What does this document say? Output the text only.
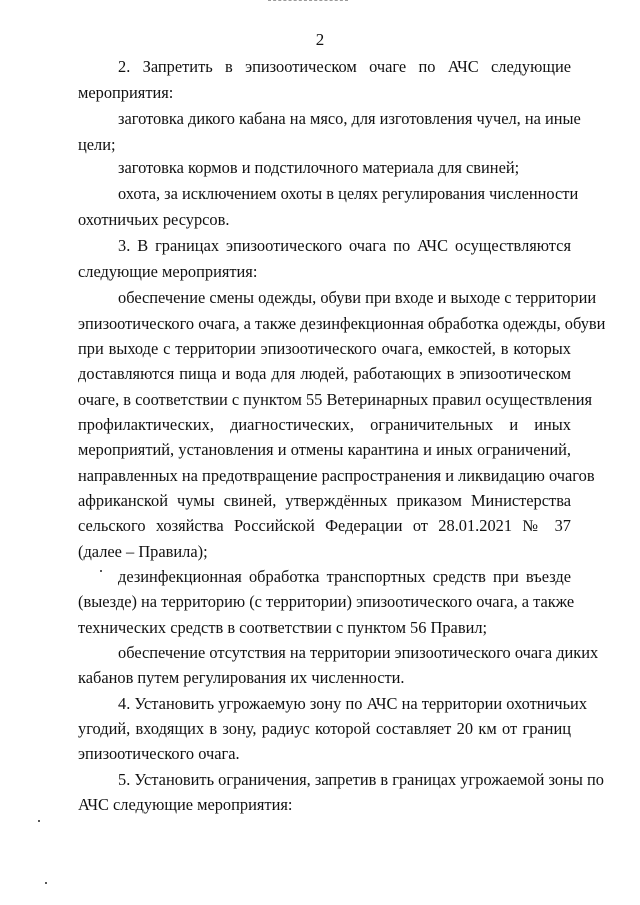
2
2. Запретить в эпизоотическом очаге по АЧС следующие
мероприятия:
заготовка дикого кабана на мясо, для изготовления чучел, на иные
цели;
заготовка кормов и подстилочного материала для свиней;
охота, за исключением охоты в целях регулирования численности
охотничьих ресурсов.
3. В границах эпизоотического очага по АЧС осуществляются
следующие мероприятия:
обеспечение смены одежды, обуви при входе и выходе с территории
эпизоотического очага, а также дезинфекционная обработка одежды, обуви
при выходе с территории эпизоотического очага, емкостей, в которых
доставляются пища и вода для людей, работающих в эпизоотическом
очаге, в соответствии с пунктом 55 Ветеринарных правил осуществления
профилактических, диагностических, ограничительных и иных
мероприятий, установления и отмены карантина и иных ограничений,
направленных на предотвращение распространения и ликвидацию очагов
африканской чумы свиней, утверждённых приказом Министерства
сельского хозяйства Российской Федерации от 28.01.2021 № 37
(далее – Правила);
дезинфекционная обработка транспортных средств при въезде
(выезде) на территорию (с территории) эпизоотического очага, а также
технических средств в соответствии с пунктом 56 Правил;
обеспечение отсутствия на территории эпизоотического очага диких
кабанов путем регулирования их численности.
4. Установить угрожаемую зону по АЧС на территории охотничьих
угодий, входящих в зону, радиус которой составляет 20 км от границ
эпизоотического очага.
5. Установить ограничения, запретив в границах угрожаемой зоны по
АЧС следующие мероприятия:
